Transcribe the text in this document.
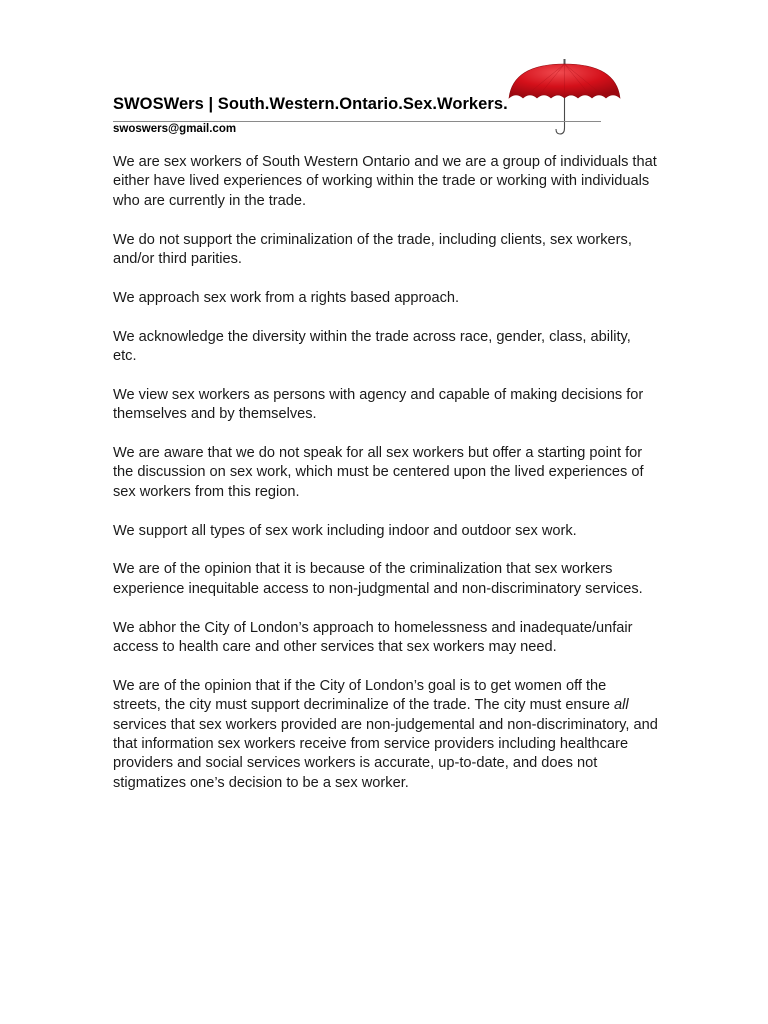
SWOSWers | South.Western.Ontario.Sex.Workers.
swoswers@gmail.com

We are sex workers of South Western Ontario and we are a group of individuals that either have lived experiences of working within the trade or working with individuals who are currently in the trade.

We do not support the criminalization of the trade, including clients, sex workers, and/or third parities.

We approach sex work from a rights based approach.

We acknowledge the diversity within the trade across race, gender, class, ability, etc.

We view sex workers as persons with agency and capable of making decisions for themselves and by themselves.

We are aware that we do not speak for all sex workers but offer a starting point for the discussion on sex work, which must be centered upon the lived experiences of sex workers from this region.

We support all types of sex work including indoor and outdoor sex work.

We are of the opinion that it is because of the criminalization that sex workers experience inequitable access to non-judgmental and non-discriminatory services.

We abhor the City of London’s approach to homelessness and inadequate/unfair access to health care and other services that sex workers may need.

We are of the opinion that if the City of London’s goal is to get women off the streets, the city must support decriminalize of the trade. The city must ensure all services that sex workers provided are non-judgemental and non-discriminatory, and that information sex workers receive from service providers including healthcare providers and social services workers is accurate, up-to-date, and does not stigmatizes one’s decision to be a sex worker.
